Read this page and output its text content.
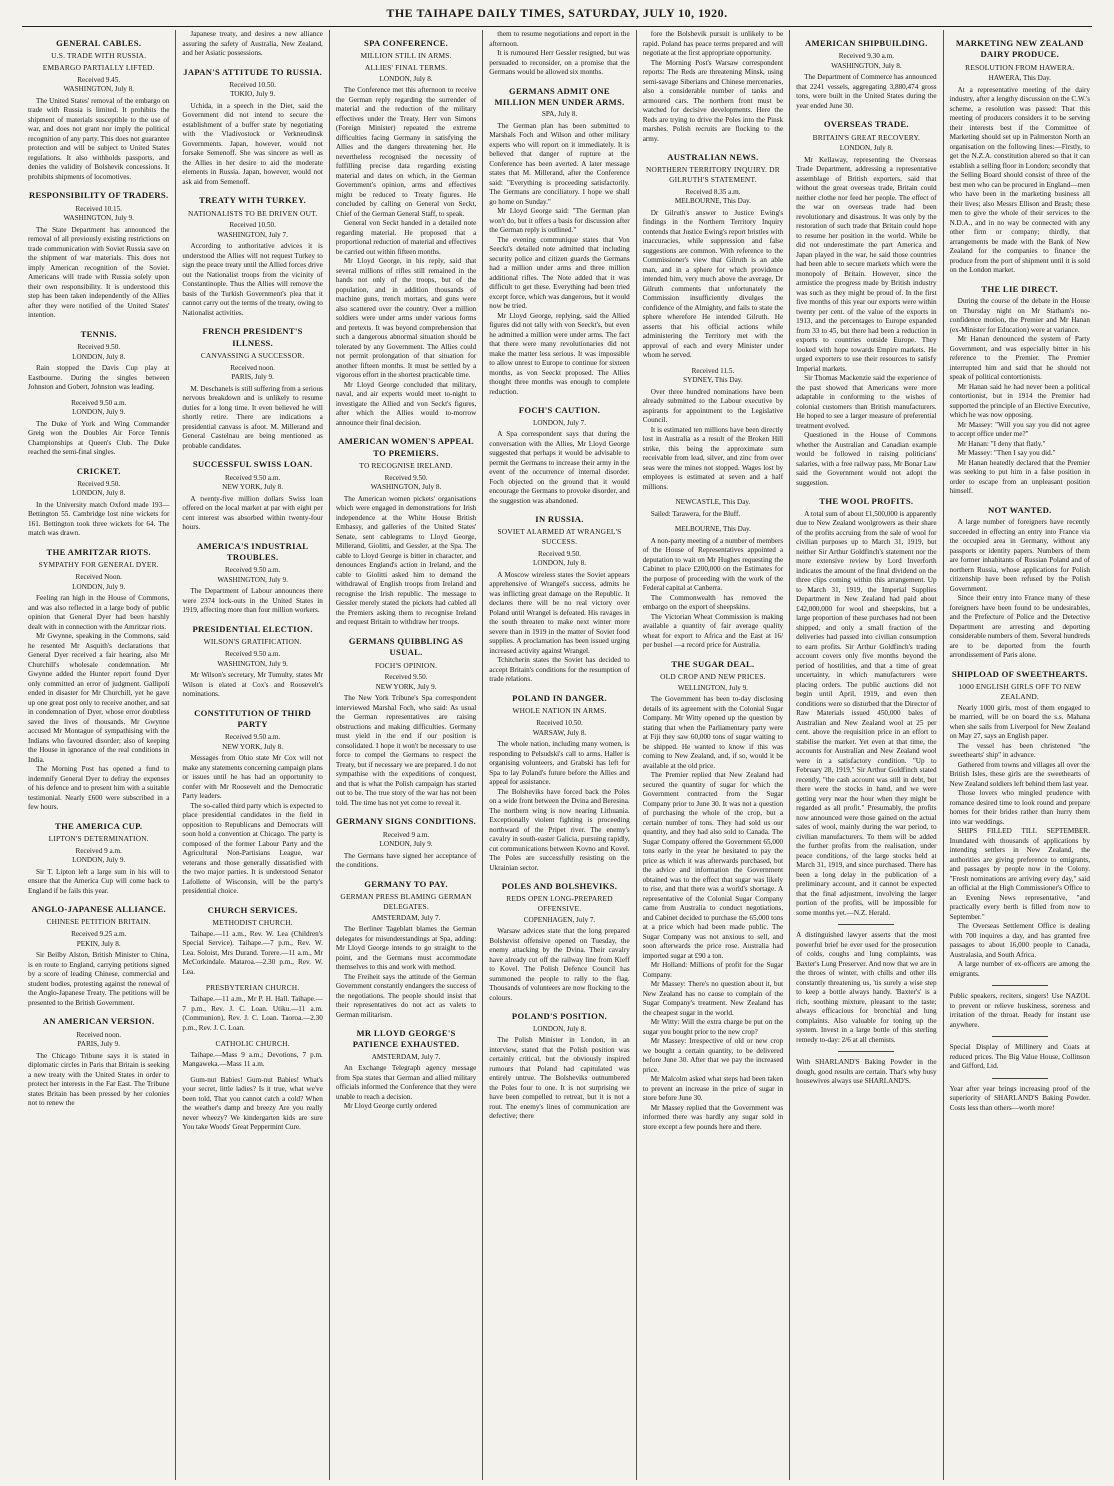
THE TAIHAPE DAILY TIMES, SATURDAY, JULY 10, 1920.
GENERAL CABLES.
U.S. TRADE WITH RUSSIA.
EMBARGO PARTIALLY LIFTED.
Received 9.45.
WASHINGTON, July 8.

The United States' removal of the embargo on trade with Russia is limited. It prohibits the shipment of materials susceptible to the use of war, and does not grant nor imply the political recognition of any party. This does not guarantee protection and will be subject to United States regulations. It also withholds passports, and denies the validity of Bolshevik concessions. It prohibits shipments of locomotives.

RESPONSIBILITY OF TRADERS.
Received 10.15.
WASHINGTON, July 9.

The State Department has announced the removal of all previously existing restrictions on trade communication with Soviet Russia save on the shipment of war materials. This does not imply American recognition of the Soviet. Americans will trade with Russia solely upon their own responsibility. It is understood this step has been taken independently of the Allies after they were notified of the United States' intention.

TENNIS.
Received 9.50.
LONDON, July 8.

Rain stopped the Davis Cup play at Eastbourne. During the singles between Johnston and Gobert, Johnston was leading.

Received 9.50 a.m.
LONDON, July 9.

The Duke of York and Wing Commander Greig won the Doubles Air Force Tennis Championships at Queen's Club. The Duke reached the semi-final singles.

CRICKET.
Received 9.50.
LONDON, July 8.

In the University match Oxford made 193—Bettington 55. Cambridge lost nine wickets for 161. Bettington took three wickets for 64. The match was drawn.

THE AMRITZAR RIOTS.
SYMPATHY FOR GENERAL DYER.
Received Noon.
LONDON, July 9.

Feeling ran high in the House of Commons, and was also reflected in a large body of public opinion that General Dyer had been harshly dealt with in connection with the Amritzar riots.

Mr Gwynne, speaking in the Commons, said he resented Mr Asquith's declarations that General Dyer received a fair hearing, also Mr Churchill's wholesale condemnation. Mr Gwynne added the Hunter report found Dyer only committed an error of judgment. Gallipoli ended in disaster for Mr Churchill, yet he gave up one great post only to receive another, and sat in condemnation of Dyer, whose error doubtless saved the lives of thousands. Mr Gwynne accused Mr Montague of sympathising with the Indians who favoured disorder; also of keeping the House in ignorance of the real conditions in India.

The Morning Post has opened a fund to indemnify General Dyer to defray the expenses of his defence and to present him with a suitable testimonial. Nearly £600 were subscribed in a few hours.

THE AMERICA CUP.
LIPTON'S DETERMINATION.
Received 9 a.m.
LONDON, July 9.

Sir T. Lipton left a large sum in his will to ensure that the America Cup will come back to England if he fails this year.

ANGLO-JAPANESE ALLIANCE.
CHINESE PETITION BRITAIN.
Received 9.25 a.m.
PEKIN, July 8.

Sir Beilby Alston, British Minister to China, is en route to England, carrying petitions signed by a score of leading Chinese, commercial and student bodies, protesting against the renewal of the Anglo-Japanese Treaty. The petitions will be presented to the British Government.

AN AMERICAN VERSION.
Received noon.
PARIS, July 9.

The Chicago Tribune says it is stated in diplomatic circles in Paris that Britain is seeking a new treaty with the United States in order to protect her interests in the Far East. The Tribune states Britain has been pressed by her colonies not to renew the

Japanese treaty, and desires a new alliance assuring the safety of Australia, New Zealand, and her Asiatic possessions.

JAPAN'S ATTITUDE TO RUSSIA.
Received 10.50.
TOKIO, July 9.

Uchida, in a speech in the Diet, said the Government did not intend to secure the establishment of a buffer state by negotiating with the Vladivostock or Verkneudinsk Governments. Japan, however, would not forsake Semenoff. She was sincere as well as the Allies in her desire to aid the moderate elements in Russia. Japan, however, would not ask aid from Semenoff.

TREATY WITH TURKEY.
NATIONALISTS TO BE DRIVEN OUT.
Received 10.50.
WASHINGTON, July 7.

According to authoritative advices it is understood the Allies will not request Turkey to sign the peace treaty until the Allied forces drive out the Nationalist troops from the vicinity of Constantinople. Thus the Allies will remove the basis of the Turkish Government's plea that it cannot carry out the terms of the treaty, owing to Nationalist activities.

FRENCH PRESIDENT'S ILLNESS.
CANVASSING A SUCCESSOR.
Received noon.
PARIS, July 9.

M. Deschanels is still suffering from a serious nervous breakdown and is unlikely to resume duties for a long time. It even believed he will shortly retire. There are indications a presidential canvass is afoot. M. Millerand and General Castelnau are being mentioned as probable candidates.

SUCCESSFUL SWISS LOAN.
Received 9.50 a.m.
NEW YORK, July 8.

A twenty-five million dollars Swiss loan offered on the local market at par with eight per cent interest was absorbed within twenty-four hours.

AMERICA'S INDUSTRIAL TROUBLES.
Received 9.50 a.m.
WASHINGTON, July 9.

The Department of Labour announces there were 2374 lock-outs in the United States in 1919, affecting more than four million workers.

PRESIDENTIAL ELECTION.
WILSON'S GRATIFICATION.
Received 9.50 a.m.
WASHINGTON, July 9.

Mr Wilson's secretary, Mr Tumulty, states Mr Wilson is elated at Cox's and Roosevelt's nominations.

CONSTITUTION OF THIRD PARTY
Received 9.50 a.m.
NEW YORK, July 8.

Messages from Ohio state Mr Cox will not make any statements concerning campaign plans or issues until he has had an opportunity to confer with Mr Roosevelt and the Democratic Party leaders.

The so-called third party which is expected to place presidential candidates in the field in opposition to Republicans and Democrats will soon hold a convention at Chicago. The party is composed of the former Labour Party and the Agricultural Non-Partisians League, war veterans and those generally dissatisfied with the two major parties. It is understood Senator Lafollette of Wisconsin, will be the party's presidential choice.

CHURCH SERVICES.
METHODIST CHURCH.

Taihape.—11 a.m., Rev. W. Lea (Children's Special Service). Taihape.—7 p.m., Rev. W. Lea. Soloist, Mrs Durand. Torere.—11 a.m., Mr McCorkindale. Mataroa.—2.30 p.m., Rev. W. Lea.

PRESBYTERIAN CHURCH.

Taihape.—11 a.m., Mr P. H. Hall. Taihape.—7 p.m., Rev. J. C. Loan. Utiku.—11 a.m. (Communion), Rev. J. C. Loan. Taoroa.—2.30 p.m., Rev. J. C. Loan.

CATHOLIC CHURCH.

Taihape.—Mass 9 a.m.; Devotions, 7 p.m. Mangaweka.—Mass 11 a.m.

Gum-nut Babies! Gum-nut Babies! What's your secret, little ladies? Is it true, what we've been told, That you cannot catch a cold? When the weather's damp and breezy Are you really never wheezy? We kindergarten kids are sure You take Woods' Great Peppermint Cure.

SPA CONFERENCE.
MILLION STILL IN ARMS.
ALLIES' FINAL TERMS.
LONDON, July 8.

The Conference met this afternoon to receive the German reply regarding the surrender of material and the reduction of the military effectives under the Treaty. Herr von Simons (Foreign Minister) repeated the extreme difficulties facing Germany in satisfying the Allies and the dangers threatening her. He nevertheless recognised the necessity of fulfilling precise data regarding existing material and dates on which, in the German Government's opinion, arms and effectives might be reduced to Treaty figures. He concluded by calling on General von Seckt, Chief of the German General Staff, to speak.

General von Seckt handed in a detailed note regarding material. He proposed that a proportional reduction of material and effectives be carried out within fifteen months.

Mr Lloyd George, in his reply, said that several millions of rifles still remained in the hands not only of the troops, but of the population, and in addition thousands of machine guns, trench mortars, and guns were also scattered over the country. Over a million soldiers were under arms under various forms and pretexts. It was beyond comprehension that such a dangerous abnormal situation should be tolerated by any Government. The Allies could not permit prolongation of that situation for another fifteen months. It must be settled by a vigorous effort in the shortest practicable time.

Mr Lloyd George concluded that military, naval, and air experts would meet to-night to investigate the Allied and von Seckt's figures, after which the Allies would to-morrow announce their final decision.

AMERICAN WOMEN'S APPEAL TO PREMIERS.
TO RECOGNISE IRELAND.
Received 9.50.
WASHINGTON, July 8.

The American women pickets' organisations which were engaged in demonstrations for Irish independence at the White House British Embassy, and galleries of the United States' Senate, sent cablegrams to Lloyd George, Millerand, Giolitti, and Gessler, at the Spa. The cable to Lloyd George is bitter in character, and denounces England's action in Ireland, and the cable to Giolitti asked him to demand the withdrawal of English troops from Ireland and recognise the Irish republic. The message to Gessler merely stated the pickets had cabled all the Premiers asking them to recognise Ireland and request Britain to withdraw her troops.

GERMANS QUIBBLING AS USUAL.
FOCH'S OPINION.
Received 9.50.
NEW YORK, July 9.

The New York Tribune's Spa correspondent interviewed Marshal Foch, who said: As usual the German representatives are raising obstructions and making difficulties. Germany must yield in the end if our position is consolidated. I hope it won't be necessary to use force to compel the Germans to respect the Treaty, but if necessary we are prepared. I do not sympathise with the expeditions of conquest, and that is what the Polish campaign has started out to be. The true story of the war has not been told. The time has not yet come to reveal it.

GERMANY SIGNS CONDITIONS.
Received 9 a.m.
LONDON, July 9.

The Germans have signed her acceptance of the conditions.

GERMANY TO PAY.
GERMAN PRESS BLAMING GERMAN DELEGATES.
AMSTERDAM, July 7.

The Berliner Tageblatt blames the German delegates for misunderstandings at Spa, adding: Mr Lloyd George intends to go straight to the point, and the Germans must accommodate themselves to this and work with method.

The Freiheit says the attitude of the German Government constantly endangers the success of the negotiations. The people should insist that their representatives do not act as valets to German militarism.

MR LLOYD GEORGE'S PATIENCE EXHAUSTED.
AMSTERDAM, July 7.

An Exchange Telegraph agency message from Spa states that German and allied military officials informed the Conference that they were unable to reach a decision.

Mr Lloyd George curtly ordered

them to resume negotiations and report in the afternoon.

It is rumoured Herr Gessler resigned, but was persuaded to reconsider, on a promise that the Germans would be allowed six months.

GERMANS ADMIT ONE MILLION MEN UNDER ARMS.
SPA, July 8.

The German plan has been submitted to Marshals Foch and Wilson and other military experts who will report on it immediately. It is believed that danger of rupture at the Conference has been averted. A later message states that M. Millerand, after the Conference said: "Everything is proceeding satisfactorily. The Germans are conciliatory. I hope we shall go home on Sunday."

Mr Lloyd George said: "The German plan won't do, but it offers a basis for discussion after the German reply is outlined."

The evening communique states that Von Seeckt's detailed note admitted that including security police and citizen guards the Germans had a million under arms and three million additional rifles. The Note added that it was difficult to get these. Everything had been tried except force, which was dangerous, but it would now be tried.

Mr Lloyd George, replying, said the Allied figures did not tally with von Seeckt's, but even he admitted a million were under arms. The fact that there were many revolutionaries did not make the matter less serious. It was impossible to allow unrest to Europe to continue for sixteen months, as von Seeckt proposed. The Allies thought three months was enough to complete reduction.

FOCH'S CAUTION.
LONDON, July 7.

A Spa correspondent says that during the conversation with the Allies, Mr Lloyd George suggested that perhaps it would be advisable to permit the Germans to increase their army in the event of the occurrence of internal disorder. Foch objected on the ground that it would encourage the Germans to provoke disorder, and the suggestion was abandoned.

IN RUSSIA.
SOVIET ALARMED AT WRANGEL'S SUCCESS.
Received 9.50.
LONDON, July 8.

A Moscow wireless states the Soviet appears apprehensive of Wrangel's success, admits he was inflicting great damage on the Republic. It declares there will be no real victory over Poland until Wrangel is defeated. His ravages in the south threaten to make next winter more severe than in 1919 in the matter of Soviet food supplies. A proclamation has been issued urging increased activity against Wrangel.

Tchitcherin states the Soviet has decided to accept Britain's conditions for the resumption of trade relations.

POLAND IN DANGER.
WHOLE NATION IN ARMS.
Received 10.50.
WARSAW, July 8.

The whole nation, including many women, is responding to Pelsudski's call to arms. Haller is organising volunteers, and Grabski has left for Spa to lay Poland's future before the Allies and appeal for assistance.

The Bolsheviks have forced back the Poles on a wide front between the Dvina and Beresina. The northern wing is now nearing Lithuania. Exceptionally violent fighting is proceeding northward of the Pripet river. The enemy's cavalry in south-easter Galicia, pursuing rapidly, cut communications between Kovno and Kovel. The Poles are successfully resisting on the Ukrainian sector.

POLES AND BOLSHEVIKS.
REDS OPEN LONG-PREPARED OFFENSIVE.
COPENHAGEN, July 7.

Warsaw advices state that the long prepared Bolshevist offensive opened on Tuesday, the enemy attacking by the Dvina. Their cavalry have already cut off the railway line from Kieff to Kovel. The Polish Defence Council has summoned the people to rally to the flag. Thousands of volunteers are now flocking to the colours.

POLAND'S POSITION.
LONDON, July 8.

The Polish Minister in London, in an interview, stated that the Polish position was certainly critical, but the obviously inspired rumours that Poland had capitulated was entirely untrue. The Bolsheviks outnumbered the Poles four to one. It is not surprising we have been compelled to retreat, but it is not a rout. The enemy's lines of communication are defective; there

fore the Bolshevik pursuit is unlikely to be rapid. Poland has peace terms prepared and will negotiate at the first appropriate opportunity.

The Morning Post's Warsaw correspondent reports: The Reds are threatening Minsk, using semi-savage Siberians and Chinese mercenaries, also a considerable number of tanks and armoured cars. The northern front must be watched for decisive developments. Here the Reds are trying to drive the Poles into the Pinsk marshes. Polish recruits are flocking to the army.

AUSTRALIAN NEWS.
NORTHERN TERRITORY INQUIRY. DR GILRUTH'S STATEMENT.
Received 8.35 a.m.
MELBOURNE, This Day.

Dr Gilruth's answer to Justice Ewing's findings in the Northern Territory Inquiry contends that Justice Ewing's report bristles with inaccuracies, while suppression and false suggestions are common. With reference to the Commissioner's view that Gilruth is an able man, and in a sphere for which providence intended him, very much above the average, Dr Gilruth comments that unfortunately the Commission insufficiently divulges the confidence of the Almighty, and fails to state the sphere wherefore He intended Gilruth. He asserts that his official actions while administering the Territory met with the approval of each and every Minister under whom he served.

Received 11.5.
SYDNEY, This Day.

Over three hundred nominations have been already submitted to the Labour executive by aspirants for appointment to the Legislative Council.

It is estimated ten millions have been directly lost in Australia as a result of the Broken Hill strike, this being the approximate sum receivable from lead, silver, and zinc from over seas were the mines not stopped. Wages lost by employees is estimated at seven and a half millions.

NEWCASTLE, This Day.

Sailed: Tarawera, for the Bluff.

MELBOURNE, This Day.

A non-party meeting of a number of members of the House of Representatives appointed a deputation to wait on Mr Hughes requesting the Cabinet to place £200,000 on the Estimates for the purpose of proceeding with the work of the Federal capital at Canberra.

The Commonwealth has removed the embargo on the export of sheepskins.

The Victorian Wheat Commission is making available a quantity of fair average quality wheat for export to Africa and the East at 16/ per bushel —a record price for Australia.

THE SUGAR DEAL.
OLD CROP AND NEW PRICES.
WELLINGTON, July 9.

The Government has been to-day disclosing details of its agreement with the Colonial Sugar Company. Mr Witty opened up the question by stating that when the Parliamentary party were at Fiji they saw 60,000 tons of sugar waiting to be shipped. He wanted to know if this was coming to New Zealand, and, if so, would it be available at the old price.

The Premier replied that New Zealand had secured the quantity of sugar for which the Government contracted from the Sugar Company prior to June 30. It was not a question of purchasing the whole of the crop, but a certain number of tons. They had sold us our quantity, and they had also sold to Canada. The Sugar Company offered the Government 65,000 tons early in the year he hesitated to pay the price as which it was afterwards purchased, but the advice and information the Government obtained was to the effect that sugar was likely to rise, and that there was a world's shortage. A representative of the Colonial Sugar Company came from Australia to conduct negotiations, and Cabinet decided to purchase the 65,000 tons at a price which had been made public. The Sugar Company was not anxious to sell, and soon afterwards the price rose. Australia had imported sugar at £90 a ton.

Mr Holland: Millions of profit for the Sugar Company.

Mr Massey: There's no question about it, but New Zealand has no cause to complain of the Sugar Company's treatment. New Zealand has the cheapest sugar in the world.

Mr Witty: Will the extra charge be put on the sugar you bought prior to the new crop?

Mr Massey: Irrespective of old or new crop we bought a certain quantity, to be delivered before June 30. After that we pay the increased price.

Mr Malcolm asked what steps had been taken to prevent an increase in the price of sugar in store before June 30.

Mr Massey replied that the Government was informed there was hardly any sugar sold in store except a few pounds here and there.

AMERICAN SHIPBUILDING.
Received 9.30 a.m.
WASHINGTON, July 8.

The Department of Commerce has announced that 2241 vessels, aggregating 3,880,474 gross tons, were built in the United States during the year ended June 30.

OVERSEAS TRADE.
BRITAIN'S GREAT RECOVERY.
LONDON, July 8.

Mr Kellaway, representing the Overseas Trade Department, addressing a representative assemblage of British exporters, said that without the great overseas trade, Britain could neither clothe nor feed her people. The effect of the war on overseas trade had been revolutionary and disastrous. It was only by the restoration of such trade that Britain could hope to resume her position in the world. While he did not underestimate the part America and Japan played in the war, he said those countries had been able to secure markets which were the monopoly of Britain. However, since the armistice the progress made by British industry was such as they might be proud of. In the first five months of this year our exports were within twenty per cent. of the value of the exports in 1913, and the percentages to Europe expanded from 33 to 45, but there had been a reduction in exports to countries outside Europe. They looked with hope towards Empire markets. He urged exporters to use their resources to satisfy Imperial markets.

Sir Thomas Mackenzie said the experience of the past showed that Americans were more adaptable in conforming to the wishes of colonial customers than British manufacturers. He hoped to see a larger measure of preferential treatment evolved.

Questioned in the House of Commons whether the Australian and Canadian example would be followed in raising politicians' salaries, with a free railway pass, Mr Bonar Law said the Government would not adopt the suggestion.

THE WOOL PROFITS.

A total sum of about £1,500,000 is apparently due to New Zealand woolgrowers as their share of the profits accruing from the sale of wool for civilian purposes up to March 31, 1919, but neither Sir Arthur Goldfinch's statement nor the more extensive review by Lord Inverforth indicates the amount of the final dividend on the three clips coming within this arrangement. Up to March 31, 1919, the Imperial Supplies Department in New Zealand had paid about £42,000,000 for wool and sheepskins, but a large proportion of these purchases had not been shipped, and only a small fraction of the deliveries had passed into civilian consumption to earn profits. Sir Arthur Goldfinch's trading account covers only five months beyond the period of hostilities, and that a time of great uncertainty, in which manufacturers were placing orders. The public auctions did not begin until April, 1919, and even then conditions were so disturbed that the Director of Raw Materials issued 450,000 bales of Australian and New Zealand wool at 25 per cent. above the requisition price in an effort to stabilise the market. Yet even at that time, the accounts for Australian and New Zealand wool were in a satisfactory condition. "Up to February 28, 1919," Sir Arthur Goldfinch stated recently, "the cash account was still in debt, but there were the stocks in hand, and we were getting very near the hour when they might be regarded as all profit." Presumably, the profits now announced were those gained on the actual sales of wool, mainly during the war period, to civilian manufacturers. To them will be added the further profits from the realisation, under peace conditions, of the large stocks held at March 31, 1919, and since purchased. There has been a long delay in the publication of a preliminary account, and it cannot be expected that the final adjustment, involving the larger portion of the profits, will be impossible for some months yet.—N.Z. Herald.

A distinguished lawyer asserts that the most powerful brief he ever used for the prosecution of colds, coughs and lung complaints, was Baxter's Lung Preserver. And now that we are in the throes of winter, with chills and other ills constantly threatening us, 'tis surely a wise step to keep a bottle always handy. 'Baxter's' is a rich, soothing mixture, pleasant to the taste; always efficacious for bronchial and lung complaints. Also valuable for toning up the system. Invest in a large bottle of this sterling remedy to-day: 2/6 at all chemists.

With SHARLAND'S Baking Powder in the dough, good results are certain. That's why busy housewives always use SHARLAND'S.

MARKETING NEW ZEALAND DAIRY PRODUCE.
RESOLUTION FROM HAWERA.
HAWERA, This Day.

At a representative meeting of the dairy industry, after a lengthy discussion on the C.W.'s scheme, a resolution was passed: That this meeting of producers considers it to be serving their interests best if the Committee of Marketing should set up in Palmerston North an organisation on the following lines:—Firstly, to get the N.Z.A. constitution altered so that it can establish a selling floor in London; secondly that the Selling Board should consist of three of the best men who can be procured in England—men who have been in the marketing business all their lives; also Messrs Ellison and Brash; these men to give the whole of their services to the N.D.A., and in no way be connected with any other firm or company; thirdly, that arrangements be made with the Bank of New Zealand for the companies to finance the produce from the port of shipment until it is sold on the London market.

THE LIE DIRECT.

During the course of the debate in the House on Thursday night on Mr Statham's no-confidence motion, the Premier and Mr Hanan (ex-Minister for Education) were at variance.

Mr Hanan denounced the system of Party Government, and was especially bitter in his reference to the Premier. The Premier interrupted him and said that he should not speak of political contortionists.

Mr Hanan said he had never been a political contortionist, but in 1914 the Premier had supported the principle of an Elective Executive, which he was now opposing.

Mr Massey: "Will you say you did not agree to accept office under me?"

Mr Hanan: "I deny that flatly."

Mr Massey: "Then I say you did."

Mr Hanan heatedly declared that the Premier was seeking to put him in a false position in order to escape from an unpleasant position himself.

NOT WANTED.

A large number of foreigners have recently succeeded in effecting an entry into France via the occupied area in Germany, without any passports or identity papers. Numbers of them are former inhabitants of Russian Poland and of northern Russia, whose applications for Polish citizenship have been refused by the Polish Government.

Since their entry into France many of these foreigners have been found to be undesirables, and the Prefecture of Police and the Detective Department are arresting and deporting considerable numbers of them. Several hundreds are to be deported from the fourth arrondissement of Paris alone.

SHIPLOAD OF SWEETHEARTS.
1000 ENGLISH GIRLS OFF TO NEW ZEALAND.

Nearly 1000 girls, most of them engaged to be married, will be on board the s.s. Mahana when she sails from Liverpool for New Zealand on May 27, says an English paper.

The vessel has been christened "the sweethearts' ship" in advance.

Gathered from towns and villages all over the British Isles, these girls are the sweethearts of New Zealand soldiers left behind them last year.

Those lovers who mingled prudence with romance desired time to look round and prepare homes for their brides rather than hurry them into war weddings.

SHIPS FILLED TILL SEPTEMBER. Inundated with thousands of applications by intending settlers in New Zealand, the authorities are giving preference to emigrants, and passages by people now in the Colony. "Fresh nominations are arriving every day," said an official at the High Commissioner's Office to an Evening News representative, "and practically every berth is filled from now to September."

The Overseas Settlement Office is dealing with 700 inquires a day, and has granted free passages to about 16,000 people to Canada, Australasia, and South Africa.

A large number of ex-officers are among the emigrants.

Public speakers, reciters, singers! Use NAZOL to prevent or relieve huskiness, soreness and irritation of the throat. Ready for instant use anywhere.

Special Display of Millinery and Coats at reduced prices. The Big Value House, Collinson and Gifford, Ltd.

Year after year brings increasing proof of the superiority of SHARLAND'S Baking Powder. Costs less than others—worth more!
